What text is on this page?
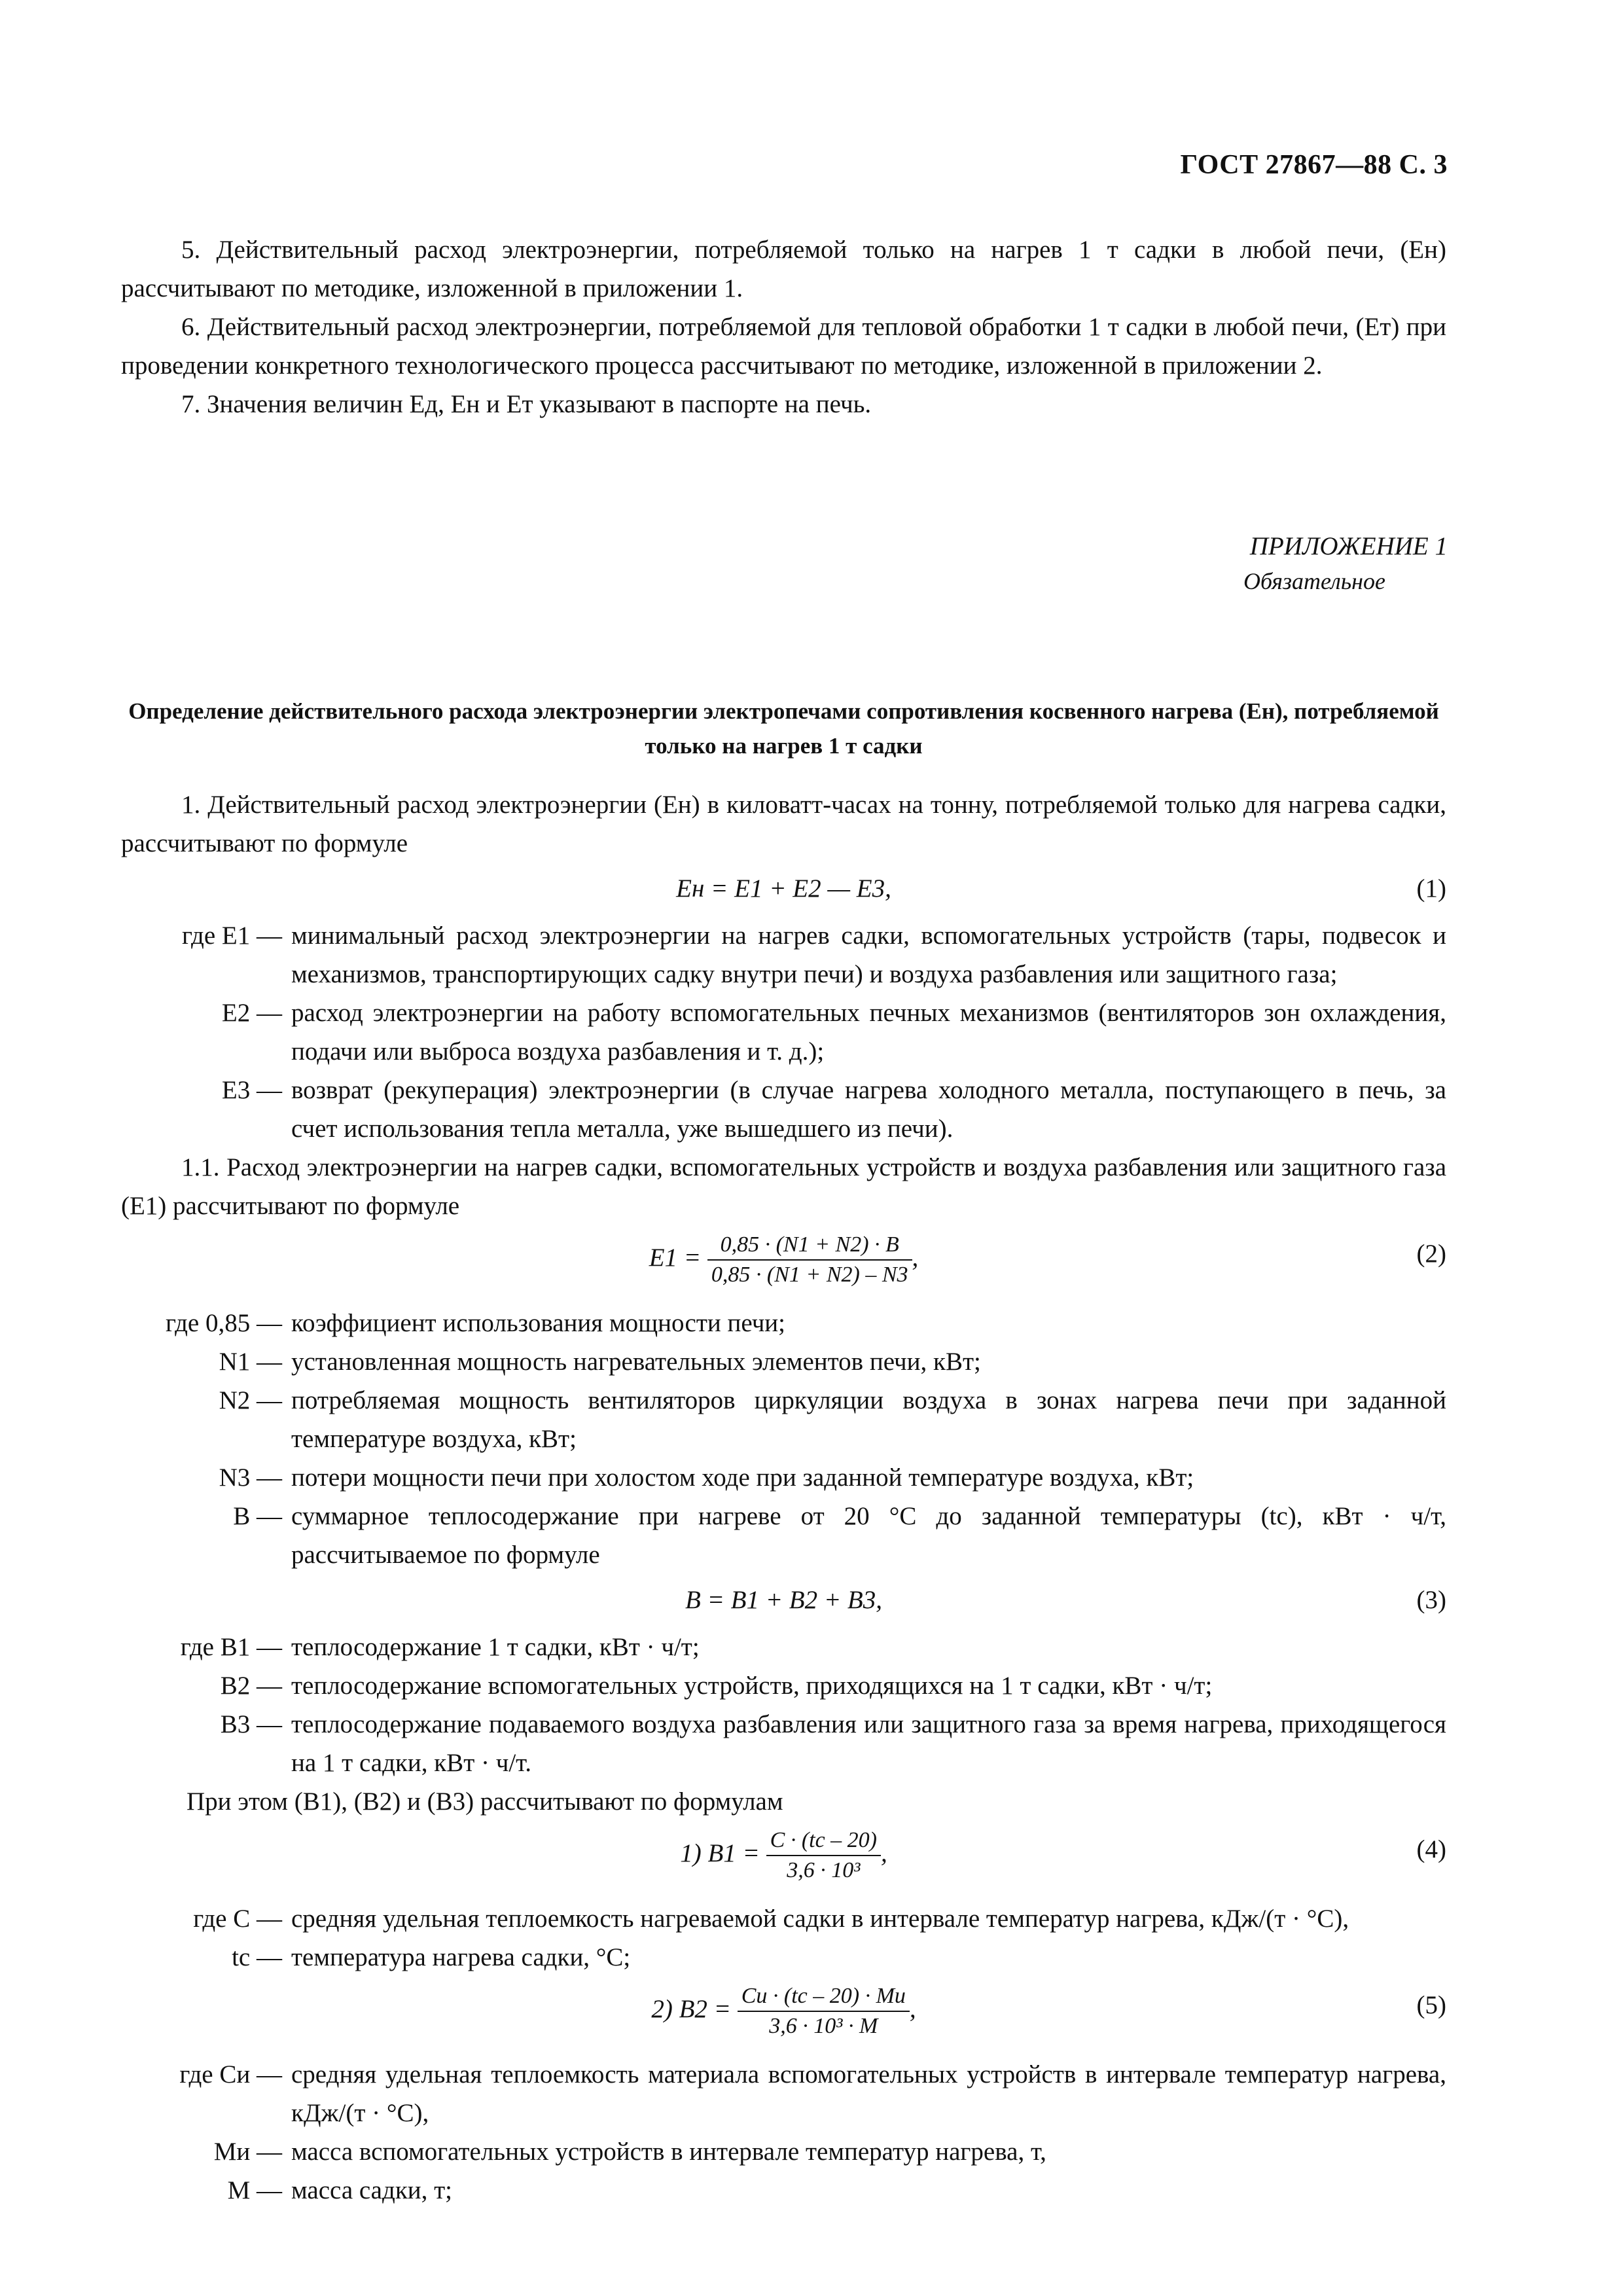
ГОСТ 27867—88 С. 3

5. Действительный расход электроэнергии, потребляемой только на нагрев 1 т садки в любой печи, (Eн) рассчитывают по методике, изложенной в приложении 1.

6. Действительный расход электроэнергии, потребляемой для тепловой обработки 1 т садки в любой печи, (Eт) при проведении конкретного технологического процесса рассчитывают по методике, изложенной в приложении 2.

7. Значения величин Eд, Eн и Eт указывают в паспорте на печь.

ПРИЛОЖЕНИЕ 1
Обязательное
Определение действительного расхода электроэнергии электропечами сопротивления косвенного нагрева (Eн), потребляемой только на нагрев 1 т садки

1. Действительный расход электроэнергии (Eн) в киловатт-часах на тонну, потребляемой только для нагрева садки, рассчитывают по формуле

Eн = E1 + E2 — E3,	(1)
где E1 — минимальный расход электроэнергии на нагрев садки, вспомогательных устройств (тары, подвесок и механизмов, транспортирующих садку внутри печи) и воздуха разбавления или защитного газа;
E2 — расход электроэнергии на работу вспомогательных печных механизмов (вентиляторов зон охлаждения, подачи или выброса воздуха разбавления и т. д.);
E3 — возврат (рекуперация) электроэнергии (в случае нагрева холодного металла, поступающего в печь, за счет использования тепла металла, уже вышедшего из печи).

1.1. Расход электроэнергии на нагрев садки, вспомогательных устройств и воздуха разбавления или защитного газа (E1) рассчитывают по формуле

$E1 = \frac{0,85 \cdot (N1 + N2) \cdot B}{0,85 \cdot (N1 + N2) - N3}$ ,	(2)
где 0,85 — коэффициент использования мощности печи;
N1 — установленная мощность нагревательных элементов печи, кВт;
N2 — потребляемая мощность вентиляторов циркуляции воздуха в зонах нагрева печи при заданной температуре воздуха, кВт;
N3 — потери мощности печи при холостом ходе при заданной температуре воздуха, кВт;
B — суммарное теплосодержание при нагреве от 20 °С до заданной температуры (tс), кВт · ч/т, рассчитываемое по формуле
B = B1 + B2 + B3,	(3)
где B1 — теплосодержание 1 т садки, кВт · ч/т;
B2 — теплосодержание вспомогательных устройств, приходящихся на 1 т садки, кВт · ч/т;
B3 — теплосодержание подаваемого воздуха разбавления или защитного газа за время нагрева, приходящегося на 1 т садки, кВт · ч/т.

При этом (B1), (B2) и (B3) рассчитывают по формулам

1) $B1 = \frac{C \cdot (tс - 20)}{\text{3,6 · 10³}}$ ,	(4)
где C — средняя удельная теплоемкость нагреваемой садки в интервале температур нагрева, кДж/(т · °С),
tс — температура нагрева садки, °С;
2) $B2 = \frac{Cи \cdot (tс - 20) \cdot Mи}{\text{3,6 · 10³ · M}}$ ,	(5)
где Cи — средняя удельная теплоемкость материала вспомогательных устройств в интервале температур нагрева, кДж/(т · °С),
Mи — масса вспомогательных устройств в интервале температур нагрева, т,
M — масса садки, т;
